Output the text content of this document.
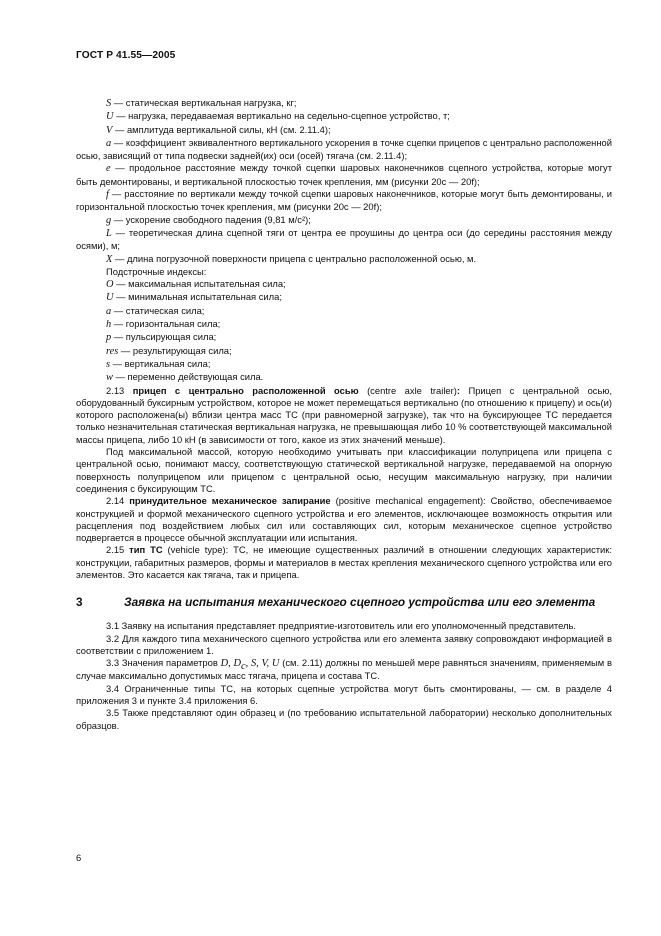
ГОСТ Р 41.55—2005

S — статическая вертикальная нагрузка, кг;

U — нагрузка, передаваемая вертикально на седельно-сцепное устройство, т;

V — амплитуда вертикальной силы, кН (см. 2.11.4);

a — коэффициент эквивалентного вертикального ускорения в точке сцепки прицепов с центрально расположенной осью, зависящий от типа подвески задней(их) оси (осей) тягача (см. 2.11.4);

e — продольное расстояние между точкой сцепки шаровых наконечников сцепного устройства, которые могут быть демонтированы, и вертикальной плоскостью точек крепления, мм (рисунки 20с — 20f);

f — расстояние по вертикали между точкой сцепки шаровых наконечников, которые могут быть демонтированы, и горизонтальной плоскостью точек крепления, мм (рисунки 20с — 20f);

g — ускорение свободного падения (9,81 м/с²);

L — теоретическая длина сцепной тяги от центра ее проушины до центра оси (до середины расстояния между осями), м;

X — длина погрузочной поверхности прицепа с центрально расположенной осью, м.

Подстрочные индексы:

O — максимальная испытательная сила;

U — минимальная испытательная сила;

a — статическая сила;

h — горизонтальная сила;

p — пульсирующая сила;

res — результирующая сила;

s — вертикальная сила;

w — переменно действующая сила.

2.13 прицеп с центрально расположенной осью (centre axle trailer): Прицеп с центральной осью, оборудованный буксирным устройством, которое не может перемещаться вертикально (по отношению к прицепу) и ось(и) которого расположена(ы) вблизи центра масс ТС (при равномерной загрузке), так что на буксирующее ТС передается только незначительная статическая вертикальная нагрузка, не превышающая либо 10 % соответствующей максимальной массы прицепа, либо 10 кН (в зависимости от того, какое из этих значений меньше).

Под максимальной массой, которую необходимо учитывать при классификации полуприцепа или прицепа с центральной осью, понимают массу, соответствующую статической вертикальной нагрузке, передаваемой на опорную поверхность полуприцепом или прицепом с центральной осью, несущим максимальную нагрузку, при наличии соединения с буксирующим ТС.

2.14 принудительное механическое запирание (positive mechanical engagement): Свойство, обеспечиваемое конструкцией и формой механического сцепного устройства и его элементов, исключающее возможность открытия или расцепления под воздействием любых сил или составляющих сил, которым механическое сцепное устройство подвергается в процессе обычной эксплуатации или испытания.

2.15 тип ТС (vehicle type): ТС, не имеющие существенных различий в отношении следующих характеристик: конструкции, габаритных размеров, формы и материалов в местах крепления механического сцепного устройства или его элементов. Это касается как тягача, так и прицепа.

3	Заявка на испытания механического сцепного устройства или его элемента

3.1 Заявку на испытания представляет предприятие-изготовитель или его уполномоченный представитель.

3.2 Для каждого типа механического сцепного устройства или его элемента заявку сопровождают информацией в соответствии с приложением 1.

3.3 Значения параметров D, $D_c$, S, V, U (см. 2.11) должны по меньшей мере равняться значениям, применяемым в случае максимально допустимых масс тягача, прицепа и состава ТС.

3.4 Ограниченные типы ТС, на которых сцепные устройства могут быть смонтированы, — см. в разделе 4 приложения 3 и пункте 3.4 приложения 6.

3.5 Также представляют один образец и (по требованию испытательной лаборатории) несколько дополнительных образцов.

6
